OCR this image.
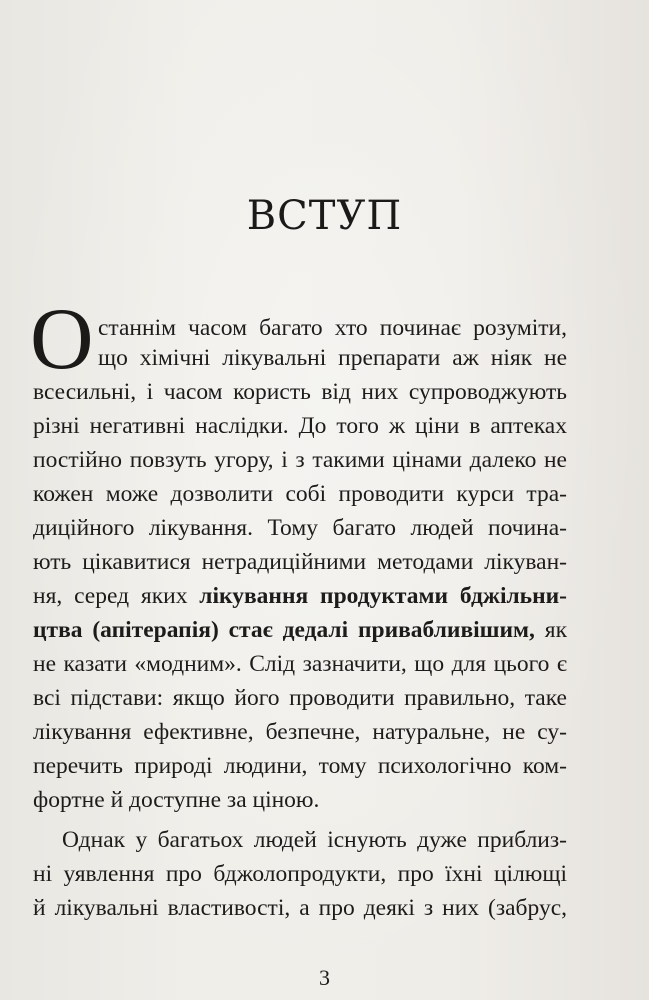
ВСТУП
О станнім часом багато хто починає розуміти,
що хімічні лікувальні препарати аж ніяк не
всесильні, і часом користь від них супроводжують
різні негативні наслідки. До того ж ціни в аптеках
постійно повзуть угору, і з такими цінами далеко не
кожен може дозволити собі проводити курси тра-
диційного лікування. Тому багато людей почина-
ють цікавитися нетрадиційними методами лікуван-
ня, серед яких лікування продуктами бджільни-
цтва (апітерапія) стає дедалі привабливішим, як
не казати «модним». Слід зазначити, що для цього є
всі підстави: якщо його проводити правильно, таке
лікування ефективне, безпечне, натуральне, не су-
перечить природі людини, тому психологічно ком-
фортне й доступне за ціною.
Однак у багатьох людей існують дуже приблиз-
ні уявлення про бджолопродукти, про їхні цілющі
й лікувальні властивості, а про деякі з них (забрус,
3
